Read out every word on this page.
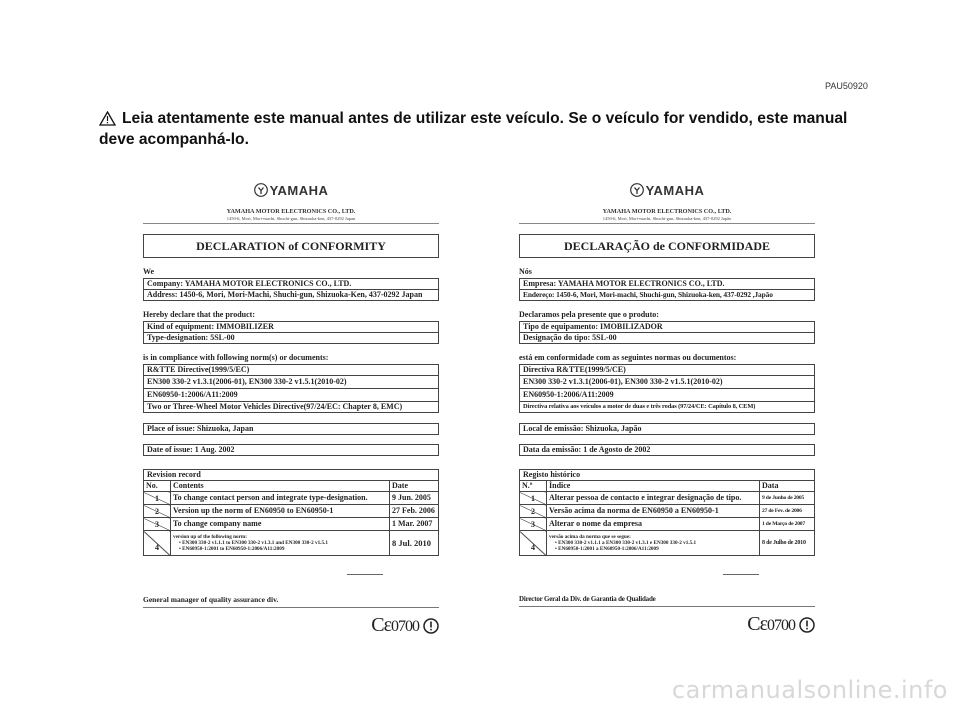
PAU50920
Leia atentamente este manual antes de utilizar este veículo. Se o veículo for vendido, este manual deve acompanhá-lo.
YAMAHA
YAMAHA MOTOR ELECTRONICS CO., LTD.
1450-6, Mori, Mori-machi, Shuchi-gun, Shizuoka-ken, 437-0292 Japan
DECLARATION of CONFORMITY
We
Company: YAMAHA MOTOR ELECTRONICS CO., LTD.
Address: 1450-6, Mori, Mori-Machi, Shuchi-gun, Shizuoka-Ken, 437-0292 Japan
Hereby declare that the product:
Kind of equipment: IMMOBILIZER
Type-designation: 5SL-00
is in compliance with following norm(s) or documents:
R&TTE Directive(1999/5/EC)
EN300 330-2 v1.3.1(2006-01), EN300 330-2 v1.5.1(2010-02)
EN60950-1:2006/A11:2009
Two or Three-Wheel Motor Vehicles Directive(97/24/EC: Chapter 8, EMC)
Place of issue: Shizuoka, Japan
Date of issue: 1 Aug. 2002
Revision record
No.	Contents	Date
1	To change contact person and integrate type-designation.	9 Jun. 2005
2	Version up the norm of EN60950 to EN60950-1	27 Feb. 2006
3	To change company name	1 Mar. 2007
4	version up of the following norm:
• EN300 330-2 v1.1.1 to EN300 330-2 v1.3.1 and EN300 330-2 v1.5.1
• EN60950-1:2001 to EN60950-1:2006/A11:2009	8 Jul. 2010
General manager of quality assurance div.
Cε0700
YAMAHA
YAMAHA MOTOR ELECTRONICS CO., LTD.
1450-6, Mori, Mori-machi, Shuchi-gun, Shizuoka-ken, 437-0292 Japão
DECLARAÇÃO de CONFORMIDADE
Nós
Empresa: YAMAHA MOTOR ELECTRONICS CO., LTD.
Endereço: 1450-6, Mori, Mori-machi, Shuchi-gun, Shizuoka-ken, 437-0292 ,Japão
Declaramos pela presente que o produto:
Tipo de equipamento: IMOBILIZADOR
Designação do tipo: 5SL-00
está em conformidade com as seguintes normas ou documentos:
Directiva R&TTE(1999/5/CE)
EN300 330-2 v1.3.1(2006-01), EN300 330-2 v1.5.1(2010-02)
EN60950-1:2006/A11:2009
Directiva relativa aos veículos a motor de duas e três rodas (97/24/CE: Capítulo 8, CEM)
Local de emissão: Shizuoka, Japão
Data da emissão: 1 de Agosto de 2002
Registo histórico
N.º	Índice	Data
1	Alterar pessoa de contacto e integrar designação de tipo.	9 de Junho de 2005
2	Versão acima da norma de EN60950 a EN60950-1	27 de Fev. de 2006
3	Alterar o nome da empresa	1 de Março de 2007
4	versão acima da norma que se segue:
• EN300 330-2 v1.1.1 a EN300 330-2 v1.3.1 e EN300 330-2 v1.5.1
• EN60950-1:2001 a EN60950-1:2006/A11:2009	8 de Julho de 2010
Director Geral da Div. de Garantia de Qualidade
Cε0700
carmanualsonline.info
